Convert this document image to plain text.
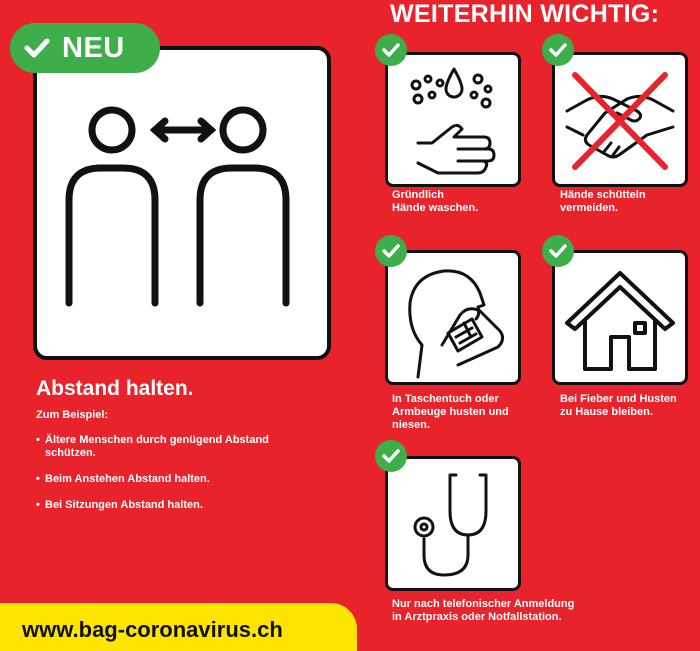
NEU
WEITERHIN WICHTIG:
Gründlich
Hände waschen.
Hände schütteln
vermeiden.
In Taschentuch oder
Armbeuge husten und
niesen.
Bei Fieber und Husten
zu Hause bleiben.
Nur nach telefonischer Anmeldung
in Arztpraxis oder Notfallstation.
Abstand halten.
Zum Beispiel:
• Ältere Menschen durch genügend Abstand schützen.
• Beim Anstehen Abstand halten.
• Bei Sitzungen Abstand halten.
www.bag-coronavirus.ch
